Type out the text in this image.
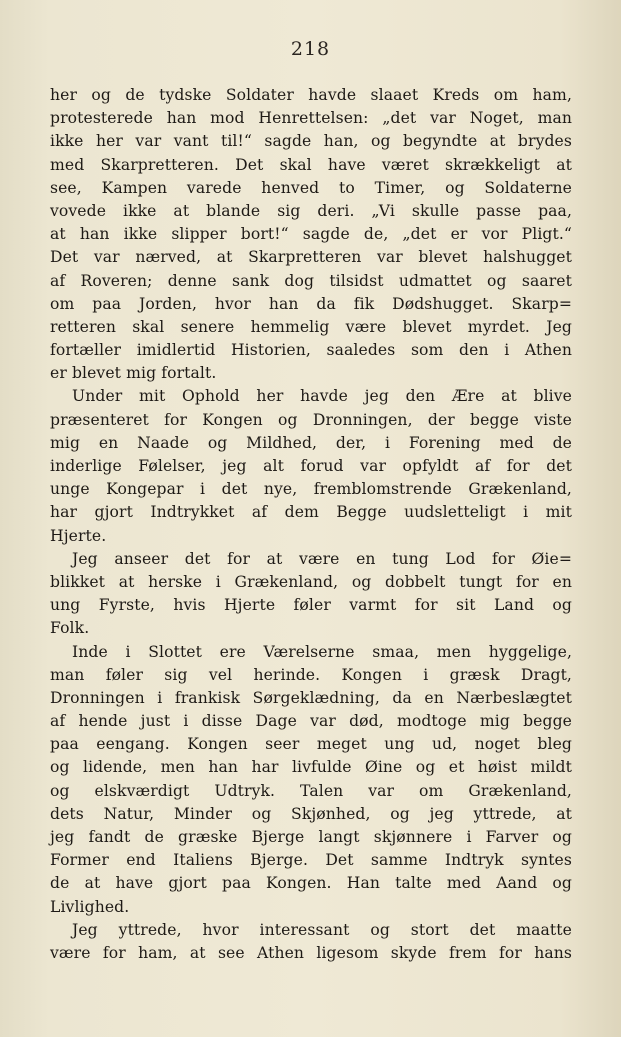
218
her og de tydske Soldater havde slaaet Kreds om ham,
protesterede han mod Henrettelsen: „det var Noget, man
ikke her var vant til!“ sagde han, og begyndte at brydes
med Skarpretteren. Det skal have været skrækkeligt at
see, Kampen varede henved to Timer, og Soldaterne
vovede ikke at blande sig deri. „Vi skulle passe paa,
at han ikke slipper bort!“ sagde de, „det er vor Pligt.“
Det var nærved, at Skarpretteren var blevet halshugget
af Roveren; denne sank dog tilsidst udmattet og saaret
om paa Jorden, hvor han da fik Dødshugget. Skarp=
retteren skal senere hemmelig være blevet myrdet. Jeg
fortæller imidlertid Historien, saaledes som den i Athen
er blevet mig fortalt.
Under mit Ophold her havde jeg den Ære at blive
præsenteret for Kongen og Dronningen, der begge viste
mig en Naade og Mildhed, der, i Forening med de
inderlige Følelser, jeg alt forud var opfyldt af for det
unge Kongepar i det nye, fremblomstrende Grækenland,
har gjort Indtrykket af dem Begge uudsletteligt i mit
Hjerte.
Jeg anseer det for at være en tung Lod for Øie=
blikket at herske i Grækenland, og dobbelt tungt for en
ung Fyrste, hvis Hjerte føler varmt for sit Land og
Folk.
Inde i Slottet ere Værelserne smaa, men hyggelige,
man føler sig vel herinde. Kongen i græsk Dragt,
Dronningen i frankisk Sørgeklædning, da en Nærbeslægtet
af hende just i disse Dage var død, modtoge mig begge
paa eengang. Kongen seer meget ung ud, noget bleg
og lidende, men han har livfulde Øine og et høist mildt
og elskværdigt Udtryk. Talen var om Grækenland,
dets Natur, Minder og Skjønhed, og jeg yttrede, at
jeg fandt de græske Bjerge langt skjønnere i Farver og
Former end Italiens Bjerge. Det samme Indtryk syntes
de at have gjort paa Kongen. Han talte med Aand og
Livlighed.
Jeg yttrede, hvor interessant og stort det maatte
være for ham, at see Athen ligesom skyde frem for hans
